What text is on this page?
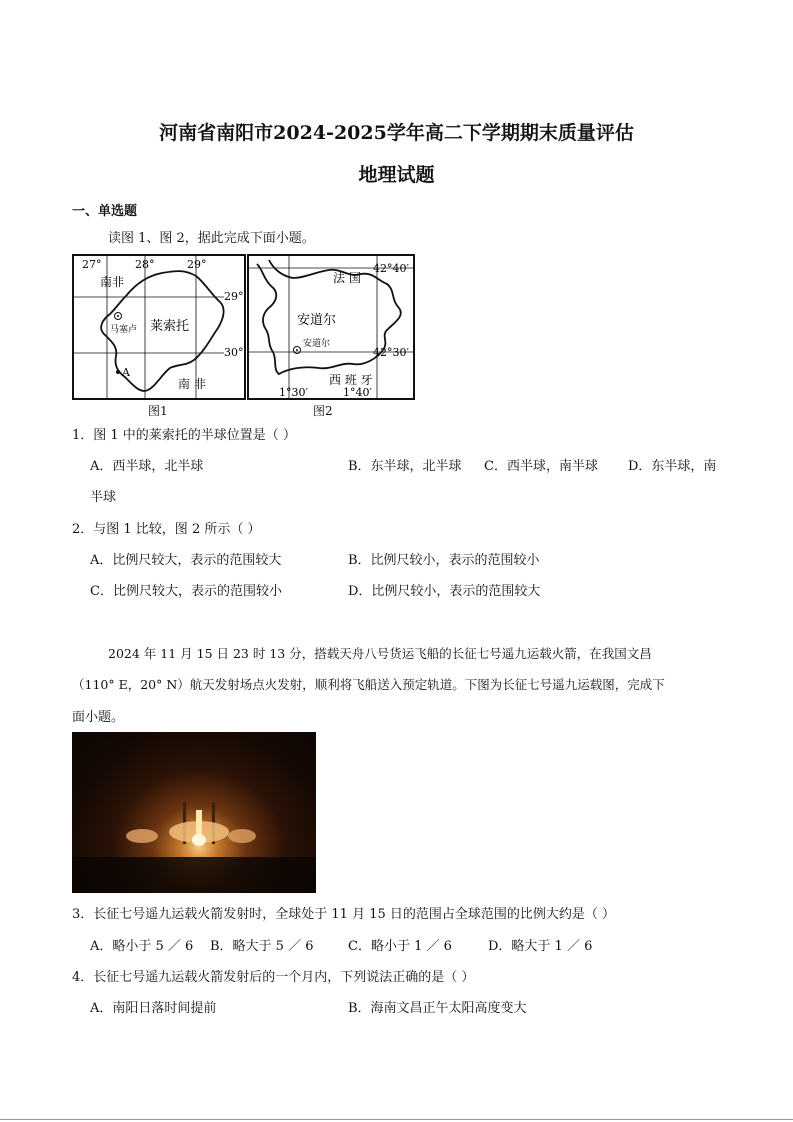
河南省南阳市2024-2025学年高二下学期期末质量评估
地理试题
一、单选题
读图 1、图 2，据此完成下面小题。
27°	28°	29°
29°
30°
南非
莱索托
马塞卢
A
南 非
法 国
42°40′
安道尔
安道尔
42°30′
西 班 牙
1°30′	1°40′
图1	图2
1．图 1 中的莱索托的半球位置是（ ）
A．西半球，北半球	B．东半球，北半球 C．西半球，南半球 D．东半球，南
半球
2．与图 1 比较，图 2 所示（ ）
A．比例尺较大，表示的范围较大	B．比例尺较小，表示的范围较小
C．比例尺较大，表示的范围较小	D．比例尺较小，表示的范围较大
2024 年 11 月 15 日 23 时 13 分，搭载天舟八号货运飞船的长征七号遥九运载火箭，在我国文昌
（110° E，20° N）航天发射场点火发射，顺利将飞船送入预定轨道。下图为长征七号遥九运载图，完成下
面小题。
3．长征七号遥九运载火箭发射时，全球处于 11 月 15 日的范围占全球范围的比例大约是（ ）
A．略小于 5 ／ 6 B．略大于 5 ／ 6	C．略小于 1 ／ 6	D．略大于 1 ／ 6
4．长征七号遥九运载火箭发射后的一个月内，下列说法正确的是（ ）
A．南阳日落时间提前	B．海南文昌正午太阳高度变大
